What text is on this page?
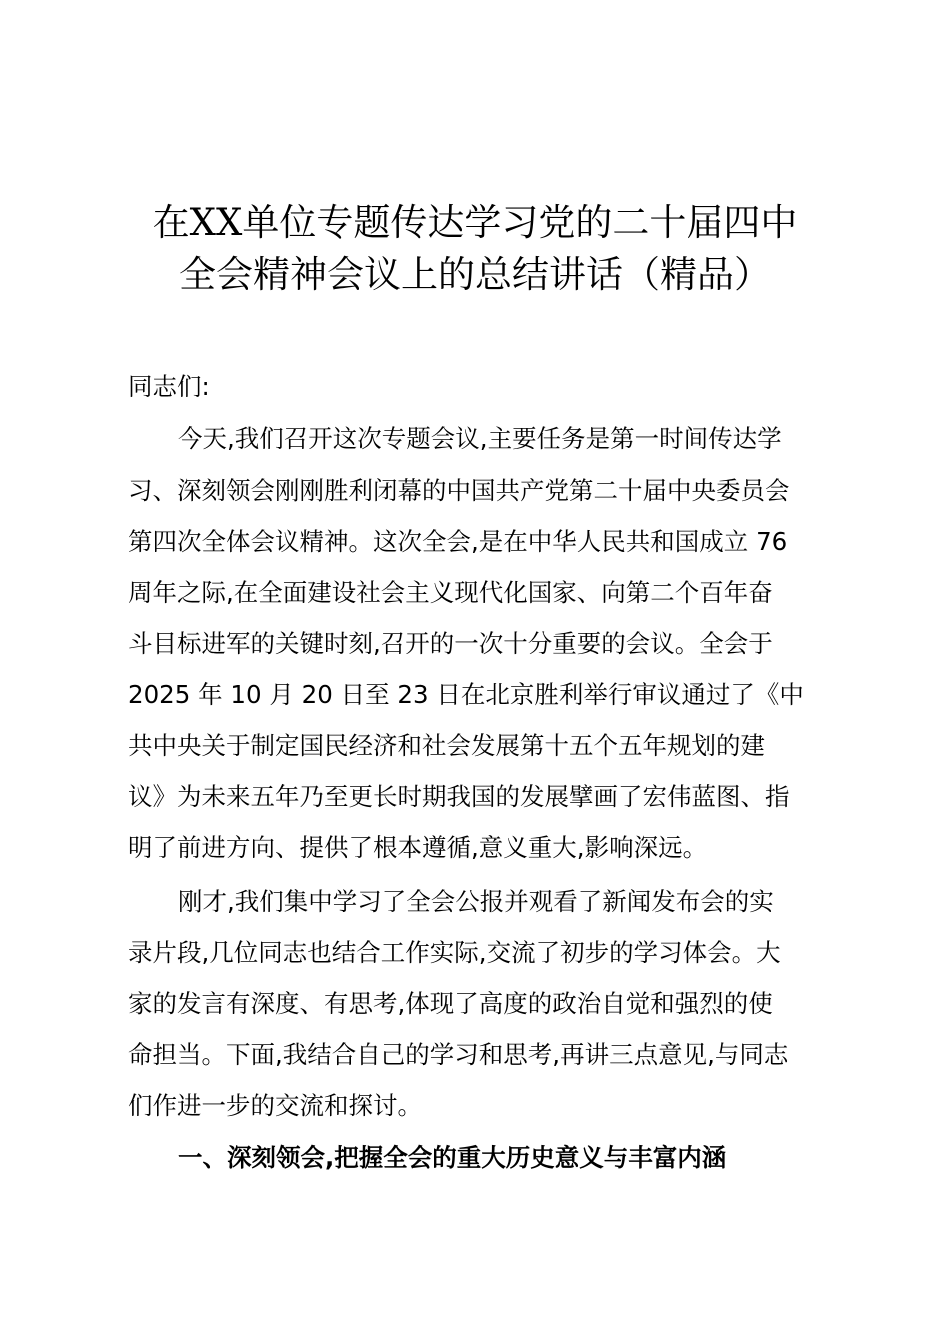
在XX单位专题传达学习党的二十届四中
全会精神会议上的总结讲话（精品）
同志们:
今天,我们召开这次专题会议,主要任务是第一时间传达学
习、深刻领会刚刚胜利闭幕的中国共产党第二十届中央委员会
第四次全体会议精神。这次全会,是在中华人民共和国成立 76
周年之际,在全面建设社会主义现代化国家、向第二个百年奋
斗目标进军的关键时刻,召开的一次十分重要的会议。全会于
2025 年 10 月 20 日至 23 日在北京胜利举行审议通过了《中
共中央关于制定国民经济和社会发展第十五个五年规划的建
议》为未来五年乃至更长时期我国的发展擘画了宏伟蓝图、指
明了前进方向、提供了根本遵循,意义重大,影响深远。
刚才,我们集中学习了全会公报并观看了新闻发布会的实
录片段,几位同志也结合工作实际,交流了初步的学习体会。大
家的发言有深度、有思考,体现了高度的政治自觉和强烈的使
命担当。下面,我结合自己的学习和思考,再讲三点意见,与同志
们作进一步的交流和探讨。
一、深刻领会,把握全会的重大历史意义与丰富内涵
